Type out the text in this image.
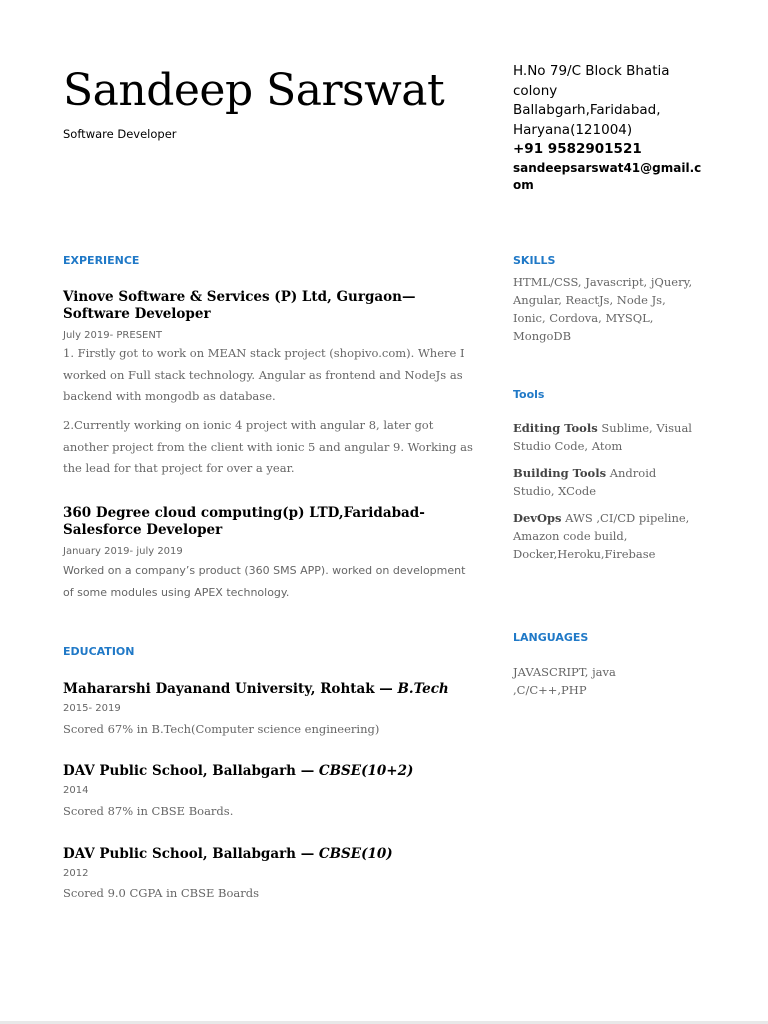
Sandeep Sarswat
Software Developer
H.No 79/C Block Bhatia colony Ballabgarh,Faridabad, Haryana(121004)
+91 9582901521
sandeepsarswat41@gmail.com
EXPERIENCE
Vinove Software & Services (P) Ltd, Gurgaon— Software Developer
July 2019- PRESENT

1. Firstly got to work on MEAN stack project (shopivo.com). Where I worked on Full stack technology. Angular as frontend and NodeJs as backend with mongodb as database.

2.Currently working on ionic 4 project with angular 8, later got another project from the client with ionic 5 and angular 9. Working as the lead for that project for over a year.

360 Degree cloud computing(p) LTD,Faridabad- Salesforce Developer
January 2019- july 2019

Worked on a company’s product (360 SMS APP). worked on development of some modules using APEX technology.

EDUCATION
Mahararshi Dayanand University, Rohtak — B.Tech
2015- 2019

Scored 67% in B.Tech(Computer science engineering)

DAV Public School, Ballabgarh — CBSE(10+2)
2014

Scored 87% in CBSE Boards.

DAV Public School, Ballabgarh — CBSE(10)
2012

Scored 9.0 CGPA in CBSE Boards

SKILLS

HTML/CSS, Javascript, jQuery, Angular, ReactJs, Node Js, Ionic, Cordova, MYSQL, MongoDB

Tools

Editing Tools Sublime, Visual Studio Code, Atom

Building Tools Android Studio, XCode

DevOps AWS ,CI/CD pipeline, Amazon code build, Docker,Heroku,Firebase

LANGUAGES

JAVASCRIPT, java ,C/C++,PHP
